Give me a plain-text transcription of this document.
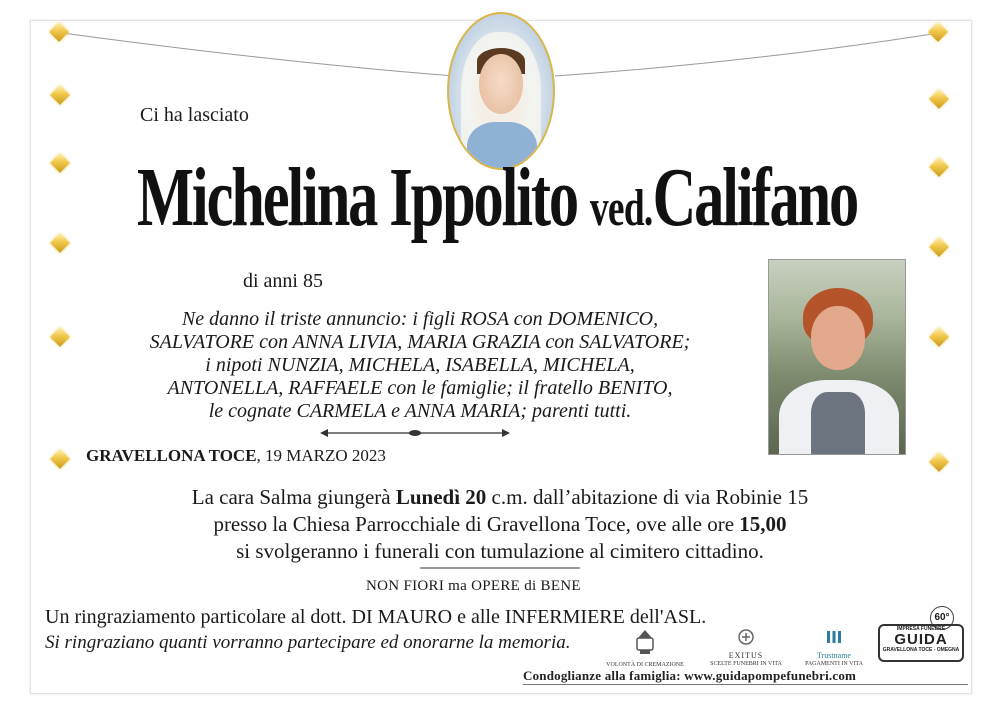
Ci ha lasciato
Michelina Ippolito ved.Califano
di anni 85
Ne danno il triste annuncio: i figli ROSA con DOMENICO,
SALVATORE con ANNA LIVIA, MARIA GRAZIA con SALVATORE;
i nipoti NUNZIA, MICHELA, ISABELLA, MICHELA,
ANTONELLA, RAFFAELE con le famiglie; il fratello BENITO,
le cognate CARMELA e ANNA MARIA; parenti tutti.
GRAVELLONA TOCE, 19 MARZO 2023
La cara Salma giungerà Lunedì 20 c.m. dall’abitazione di via Robinie 15
presso la Chiesa Parrocchiale di Gravellona Toce, ove alle ore 15,00
si svolgeranno i funerali con tumulazione al cimitero cittadino.
NON FIORI ma OPERE di BENE
Un ringraziamento particolare al dott. DI MAURO e alle INFERMIERE dell'ASL.
Si ringraziano quanti vorranno partecipare ed onorarne la memoria.
VOLONTÀ DI CREMAZIONE
EXITUS
SCELTE FUNEBRI IN VITA
Trustname
PAGAMENTI IN VITA
60°
IMPRESA FUNEBRE
GUIDA
GRAVELLONA TOCE - OMEGNA
Condoglianze alla famiglia: www.guidapompefunebri.com
